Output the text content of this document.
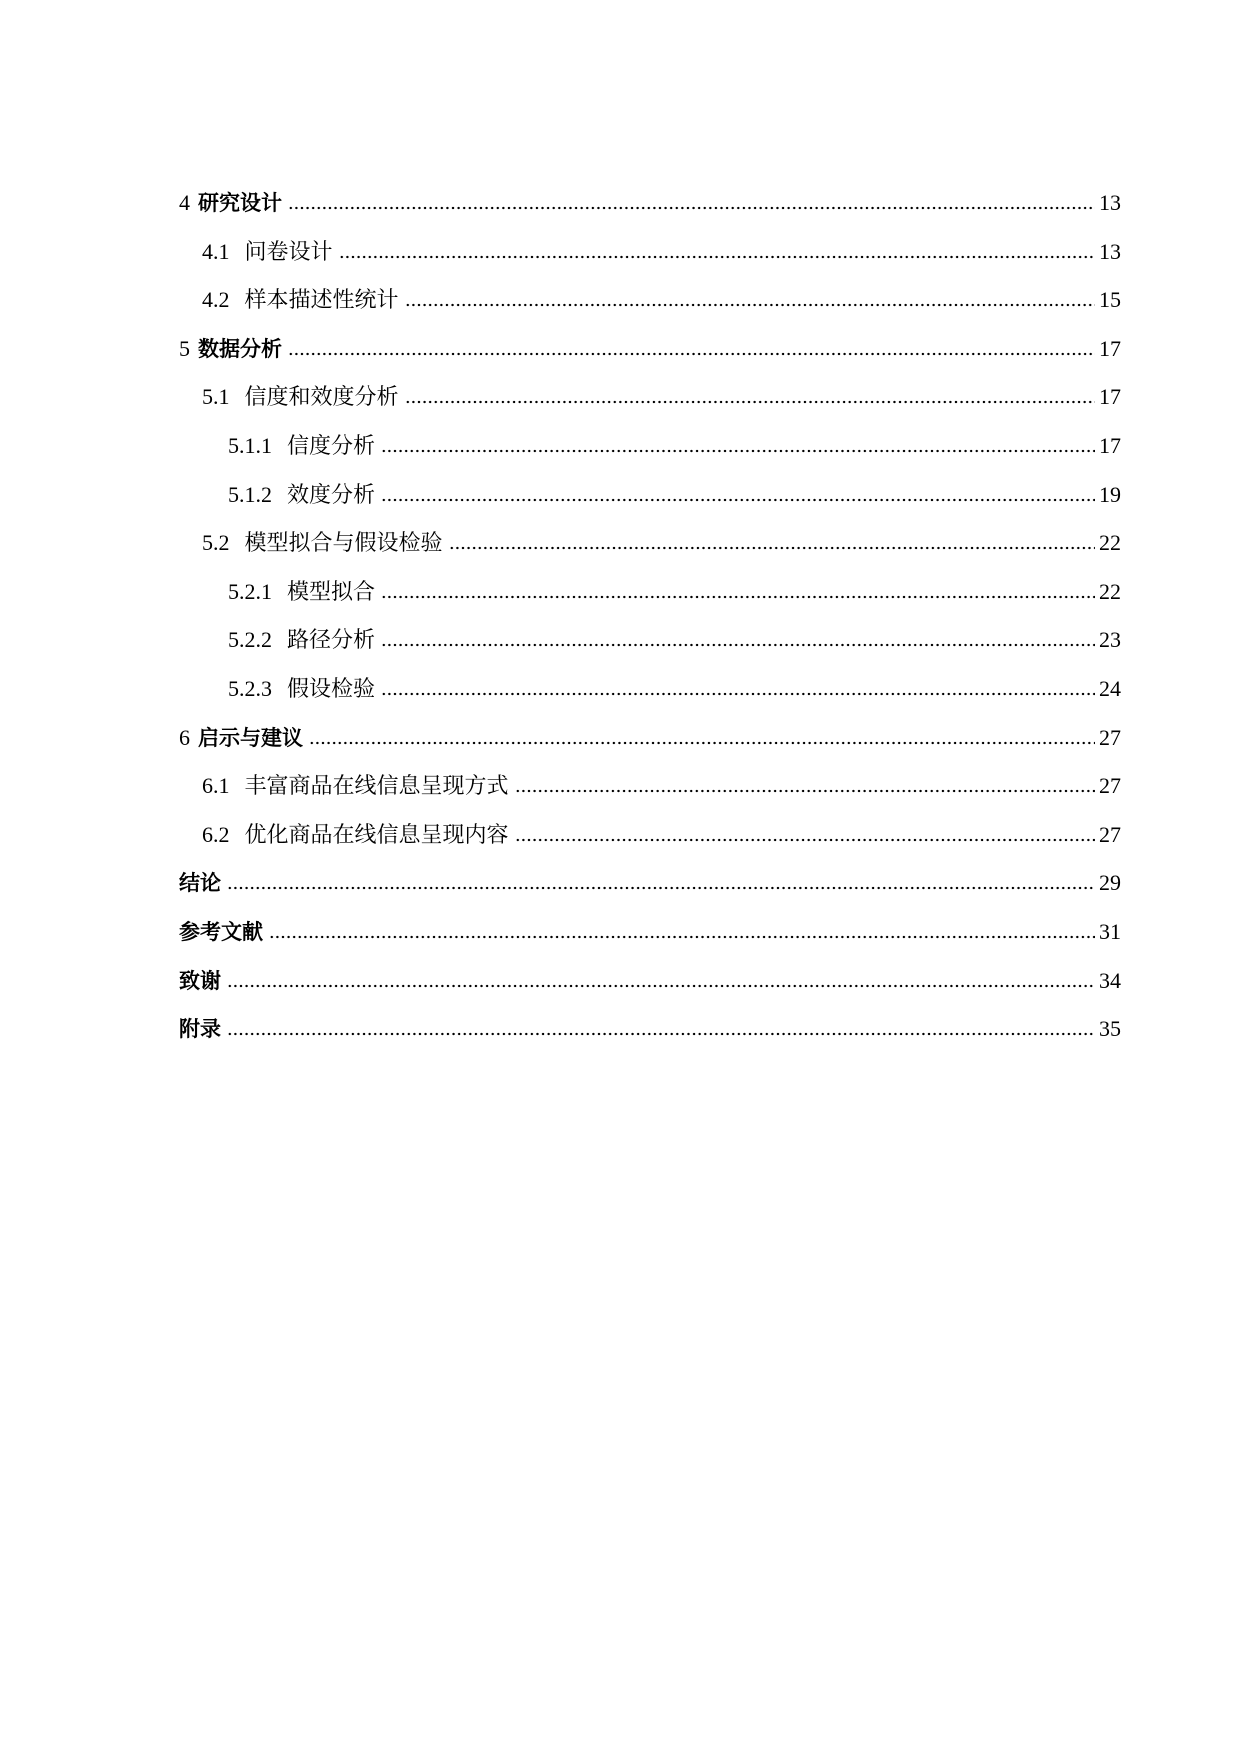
4 研究设计	13
4.1 问卷设计	13
4.2 样本描述性统计	15
5 数据分析	17
5.1 信度和效度分析	17
5.1.1 信度分析	17
5.1.2 效度分析	19
5.2 模型拟合与假设检验	22
5.2.1 模型拟合	22
5.2.2 路径分析	23
5.2.3 假设检验	24
6 启示与建议	27
6.1 丰富商品在线信息呈现方式	27
6.2 优化商品在线信息呈现内容	27
结论	29
参考文献	31
致谢	34
附录	35
